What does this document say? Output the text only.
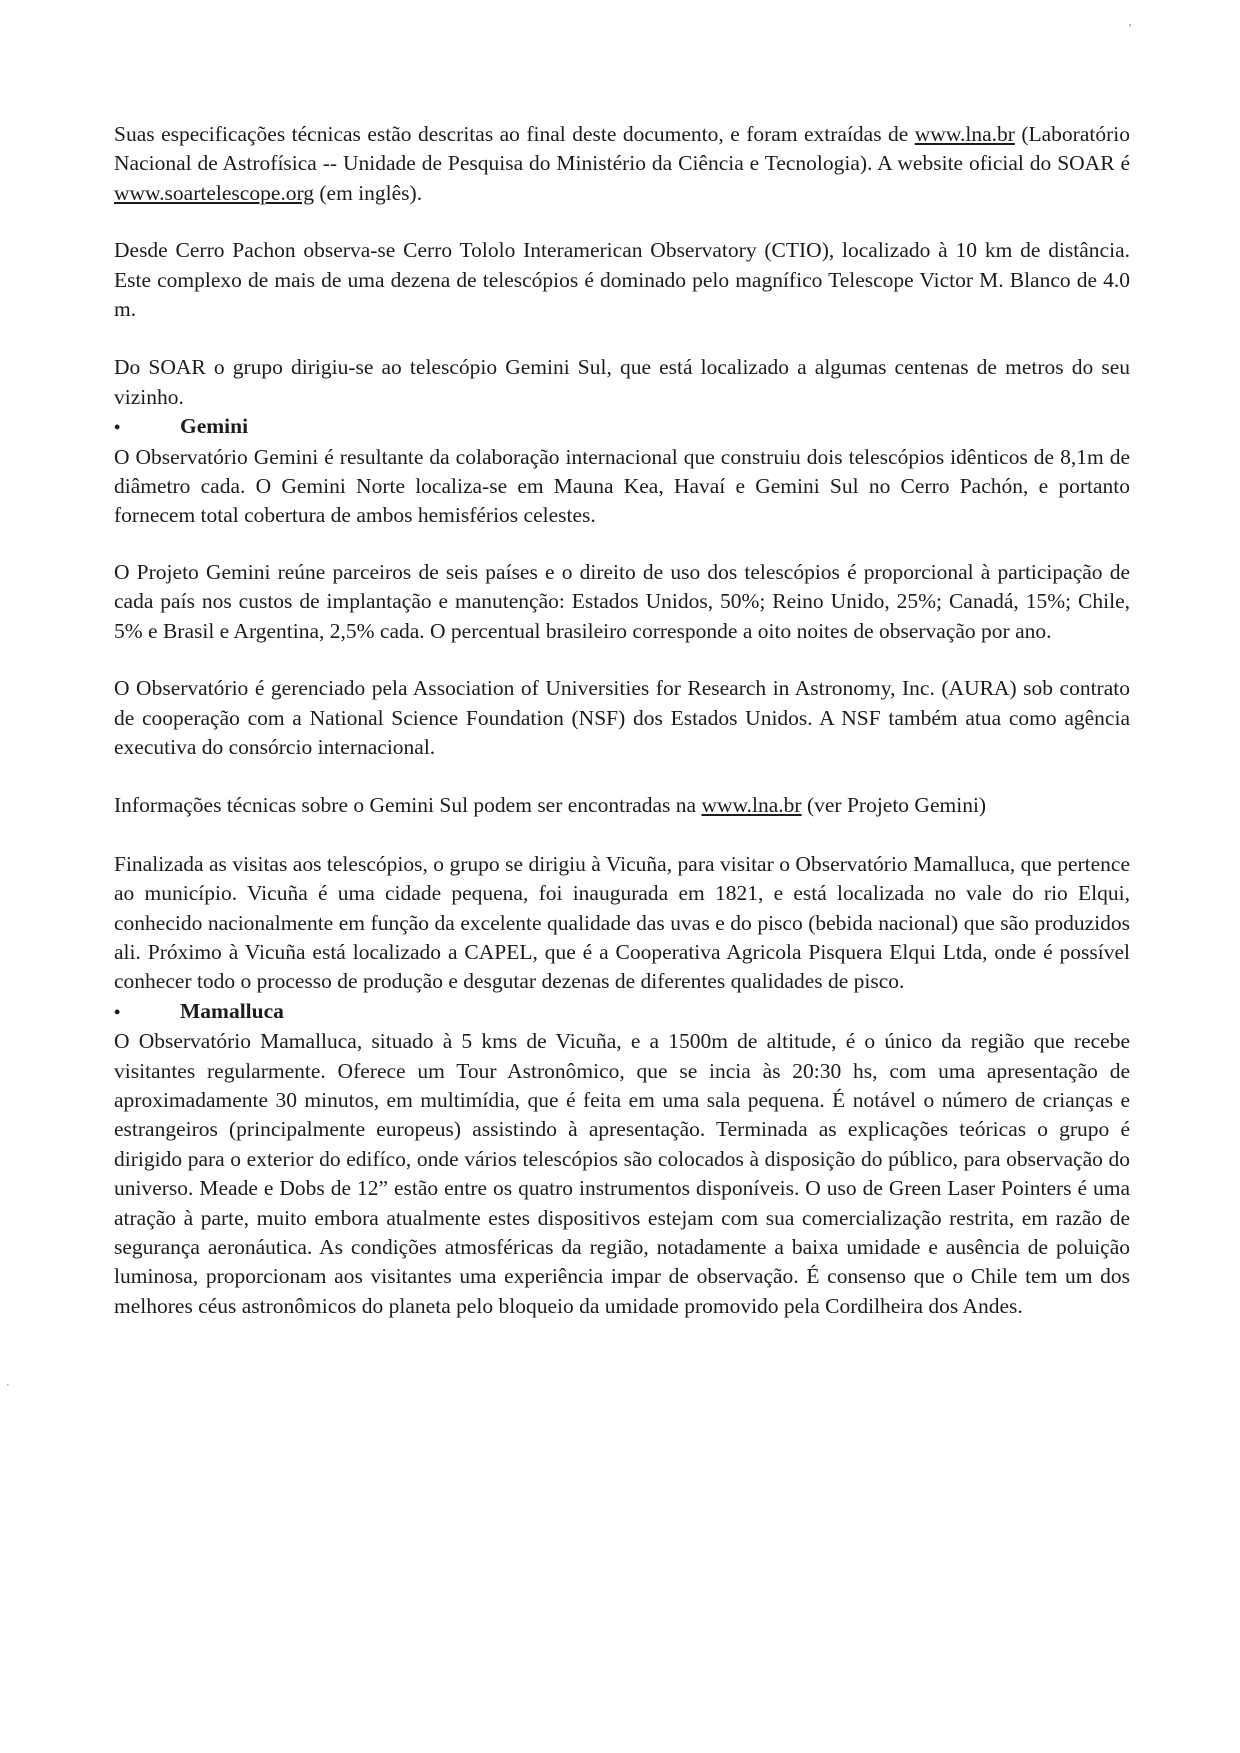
’
·

Suas especificações técnicas estão descritas ao final deste documento, e foram extraídas de www.lna.br (Laboratório Nacional de Astrofísica -- Unidade de Pesquisa do Ministério da Ciência e Tecnologia). A website oficial do SOAR é www.soartelescope.org (em inglês).

Desde Cerro Pachon observa-se Cerro Tololo Interamerican Observatory (CTIO), localizado à 10 km de distância. Este complexo de mais de uma dezena de telescópios é dominado pelo magnífico Telescope Victor M. Blanco de 4.0 m.

Do SOAR o grupo dirigiu-se ao telescópio Gemini Sul, que está localizado a algumas centenas de metros do seu vizinho.

•	Gemini

O Observatório Gemini é resultante da colaboração internacional que construiu dois telescópios idênticos de 8,1m de diâmetro cada. O Gemini Norte localiza-se em Mauna Kea, Havaí e Gemini Sul no Cerro Pachón, e portanto fornecem total cobertura de ambos hemisférios celestes.

O Projeto Gemini reúne parceiros de seis países e o direito de uso dos telescópios é proporcional à participação de cada país nos custos de implantação e manutenção: Estados Unidos, 50%; Reino Unido, 25%; Canadá, 15%; Chile, 5% e Brasil e Argentina, 2,5% cada. O percentual brasileiro corresponde a oito noites de observação por ano.

O Observatório é gerenciado pela Association of Universities for Research in Astronomy, Inc. (AURA) sob contrato de cooperação com a National Science Foundation (NSF) dos Estados Unidos. A NSF também atua como agência executiva do consórcio internacional.

Informações técnicas sobre o Gemini Sul podem ser encontradas na www.lna.br (ver Projeto Gemini)

Finalizada as visitas aos telescópios, o grupo se dirigiu à Vicuña, para visitar o Observatório Mamalluca, que pertence ao município. Vicuña é uma cidade pequena, foi inaugurada em 1821, e está localizada no vale do rio Elqui, conhecido nacionalmente em função da excelente qualidade das uvas e do pisco (bebida nacional) que são produzidos ali. Próximo à Vicuña está localizado a CAPEL, que é a Cooperativa Agricola Pisquera Elqui Ltda, onde é possível conhecer todo o processo de produção e desgutar dezenas de diferentes qualidades de pisco.

•	Mamalluca

O Observatório Mamalluca, situado à 5 kms de Vicuña, e a 1500m de altitude, é o único da região que recebe visitantes regularmente. Oferece um Tour Astronômico, que se incia às 20:30 hs, com uma apresentação de aproximadamente 30 minutos, em multimídia, que é feita em uma sala pequena. É notável o número de crianças e estrangeiros (principalmente europeus) assistindo à apresentação. Terminada as explicações teóricas o grupo é dirigido para o exterior do edifíco, onde vários telescópios são colocados à disposição do público, para observação do universo. Meade e Dobs de 12” estão entre os quatro instrumentos disponíveis. O uso de Green Laser Pointers é uma atração à parte, muito embora atualmente estes dispositivos estejam com sua comercialização restrita, em razão de segurança aeronáutica. As condições atmosféricas da região, notadamente a baixa umidade e ausência de poluição luminosa, proporcionam aos visitantes uma experiência impar de observação. É consenso que o Chile tem um dos melhores céus astronômicos do planeta pelo bloqueio da umidade promovido pela Cordilheira dos Andes.
